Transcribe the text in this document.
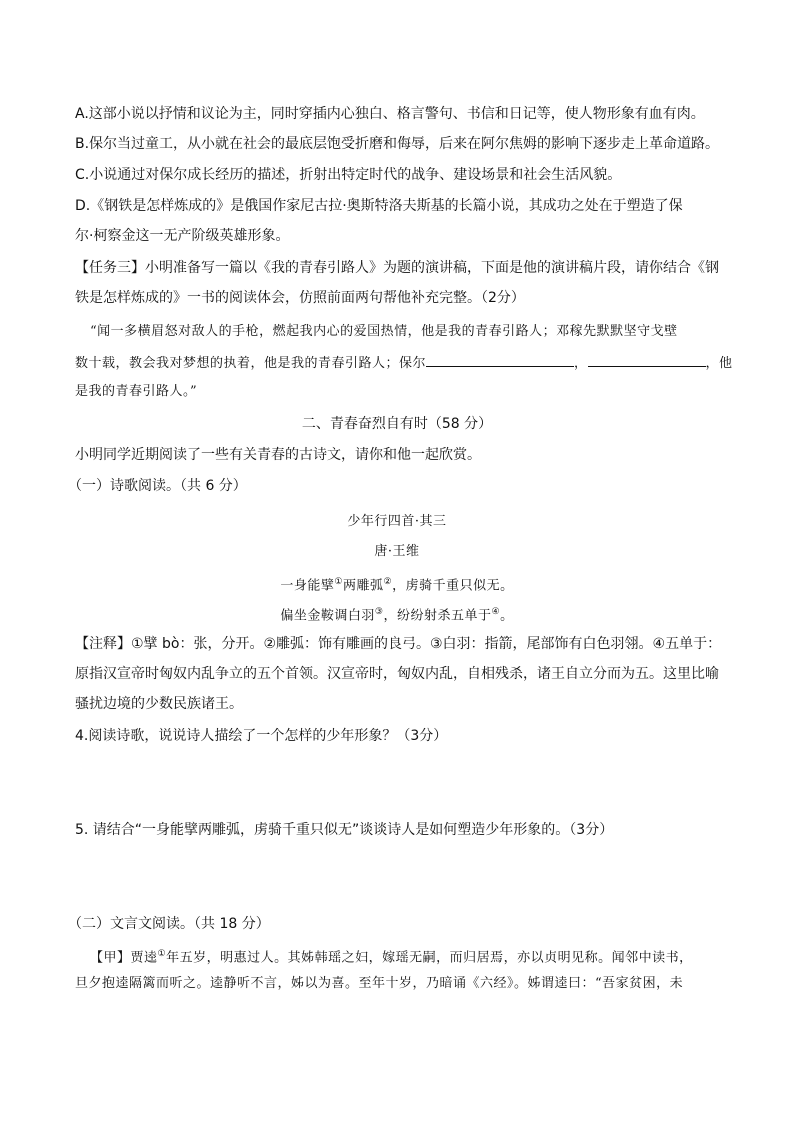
A.这部小说以抒情和议论为主，同时穿插内心独白、格言警句、书信和日记等，使人物形象有血有肉。
B.保尔当过童工，从小就在社会的最底层饱受折磨和侮辱，后来在阿尔焦姆的影响下逐步走上革命道路。
C.小说通过对保尔成长经历的描述，折射出特定时代的战争、建设场景和社会生活风貌。
D.《钢铁是怎样炼成的》是俄国作家尼古拉·奥斯特洛夫斯基的长篇小说，其成功之处在于塑造了保
尔·柯察金这一无产阶级英雄形象。
【任务三】小明准备写一篇以《我的青春引路人》为题的演讲稿，下面是他的演讲稿片段，请你结合《钢
铁是怎样炼成的》一书的阅读体会，仿照前面两句帮他补充完整。（2分）
“闻一多横眉怒对敌人的手枪，燃起我内心的爱国热情，他是我的青春引路人；邓稼先默默坚守戈壁
数十载，教会我对梦想的执着，他是我的青春引路人；保尔	，	，他
是我的青春引路人。”
二、青春奋烈自有时（58 分）
小明同学近期阅读了一些有关青春的古诗文，请你和他一起欣赏。
（一）诗歌阅读。（共 6 分）
少年行四首·其三
唐·王维
一身能擘①两雕弧②，虏骑千重只似无。
偏坐金鞍调白羽③，纷纷射杀五单于④。
【注释】①擘 bò：张，分开。②雕弧：饰有雕画的良弓。③白羽：指箭，尾部饰有白色羽翎。④五单于：
原指汉宣帝时匈奴内乱争立的五个首领。汉宣帝时，匈奴内乱，自相残杀，诸王自立分而为五。这里比喻
骚扰边境的少数民族诸王。
4.阅读诗歌，说说诗人描绘了一个怎样的少年形象？（3分）
5. 请结合“一身能擘两雕弧，虏骑千重只似无”谈谈诗人是如何塑造少年形象的。（3分）
（二）文言文阅读。（共 18 分）
【甲】贾逵①年五岁，明惠过人。其姊韩瑶之妇，嫁瑶无嗣，而归居焉，亦以贞明见称。闻邻中读书，
旦夕抱逵隔篱而听之。逵静听不言，姊以为喜。至年十岁，乃暗诵《六经》。姊谓逵曰：“吾家贫困，未
